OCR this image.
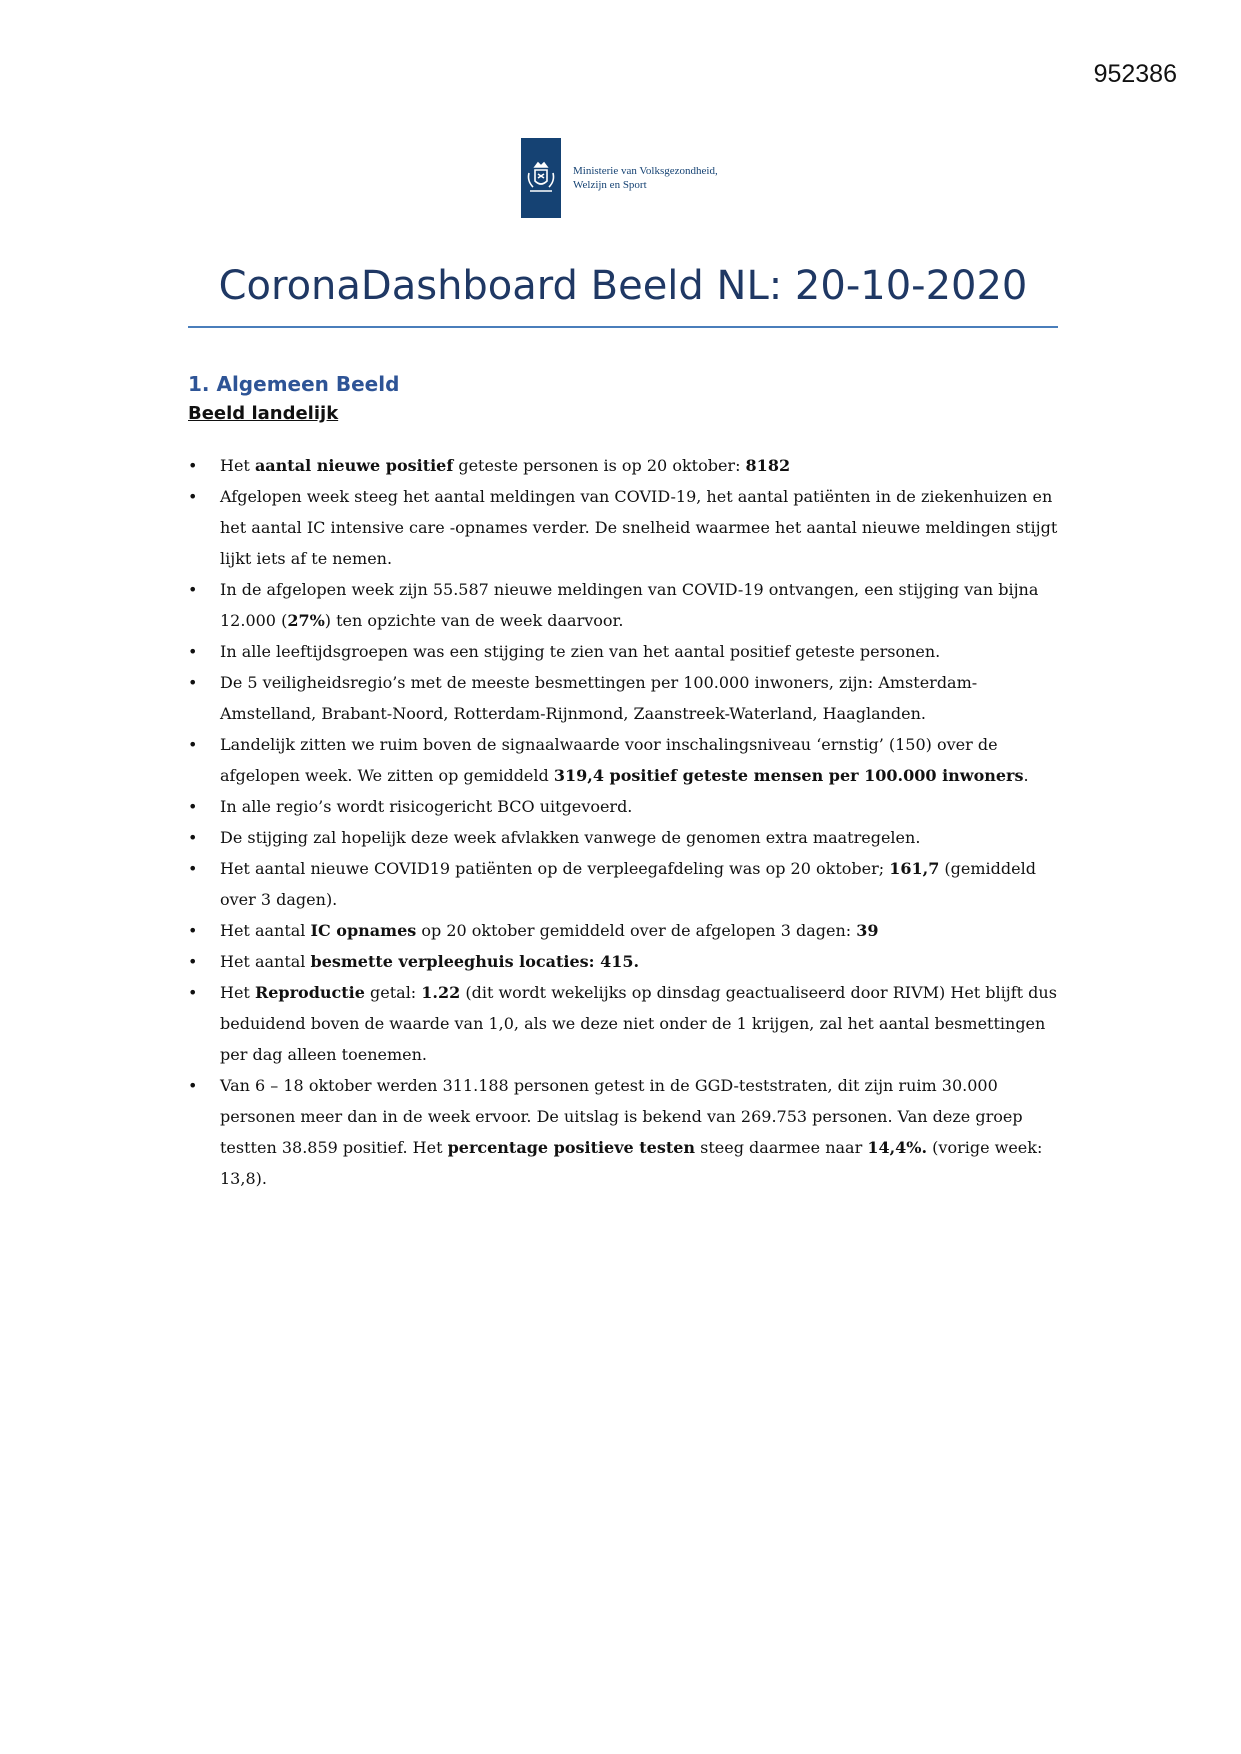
952386
Ministerie van Volksgezondheid,
Welzijn en Sport
CoronaDashboard Beeld NL: 20-10-2020
1. Algemeen Beeld
Beeld landelijk
• Het aantal nieuwe positief geteste personen is op 20 oktober: 8182
• Afgelopen week steeg het aantal meldingen van COVID-19, het aantal patiënten in de ziekenhuizen en het aantal IC intensive care -opnames verder. De snelheid waarmee het aantal nieuwe meldingen stijgt lijkt iets af te nemen.
• In de afgelopen week zijn 55.587 nieuwe meldingen van COVID-19 ontvangen, een stijging van bijna 12.000 (27%) ten opzichte van de week daarvoor.
• In alle leeftijdsgroepen was een stijging te zien van het aantal positief geteste personen.
• De 5 veiligheidsregio’s met de meeste besmettingen per 100.000 inwoners, zijn: Amsterdam-Amstelland, Brabant-Noord, Rotterdam-Rijnmond, Zaanstreek-Waterland, Haaglanden.
• Landelijk zitten we ruim boven de signaalwaarde voor inschalingsniveau ‘ernstig’ (150) over de afgelopen week. We zitten op gemiddeld 319,4 positief geteste mensen per 100.000 inwoners.
• In alle regio’s wordt risicogericht BCO uitgevoerd.
• De stijging zal hopelijk deze week afvlakken vanwege de genomen extra maatregelen.
• Het aantal nieuwe COVID19 patiënten op de verpleegafdeling was op 20 oktober; 161,7 (gemiddeld over 3 dagen).
• Het aantal IC opnames op 20 oktober gemiddeld over de afgelopen 3 dagen: 39
• Het aantal besmette verpleeghuis locaties: 415.
• Het Reproductie getal: 1.22 (dit wordt wekelijks op dinsdag geactualiseerd door RIVM) Het blijft dus beduidend boven de waarde van 1,0, als we deze niet onder de 1 krijgen, zal het aantal besmettingen per dag alleen toenemen.
• Van 6 – 18 oktober werden 311.188 personen getest in de GGD-teststraten, dit zijn ruim 30.000 personen meer dan in de week ervoor. De uitslag is bekend van 269.753 personen. Van deze groep testten 38.859 positief. Het percentage positieve testen steeg daarmee naar 14,4%. (vorige week: 13,8).
